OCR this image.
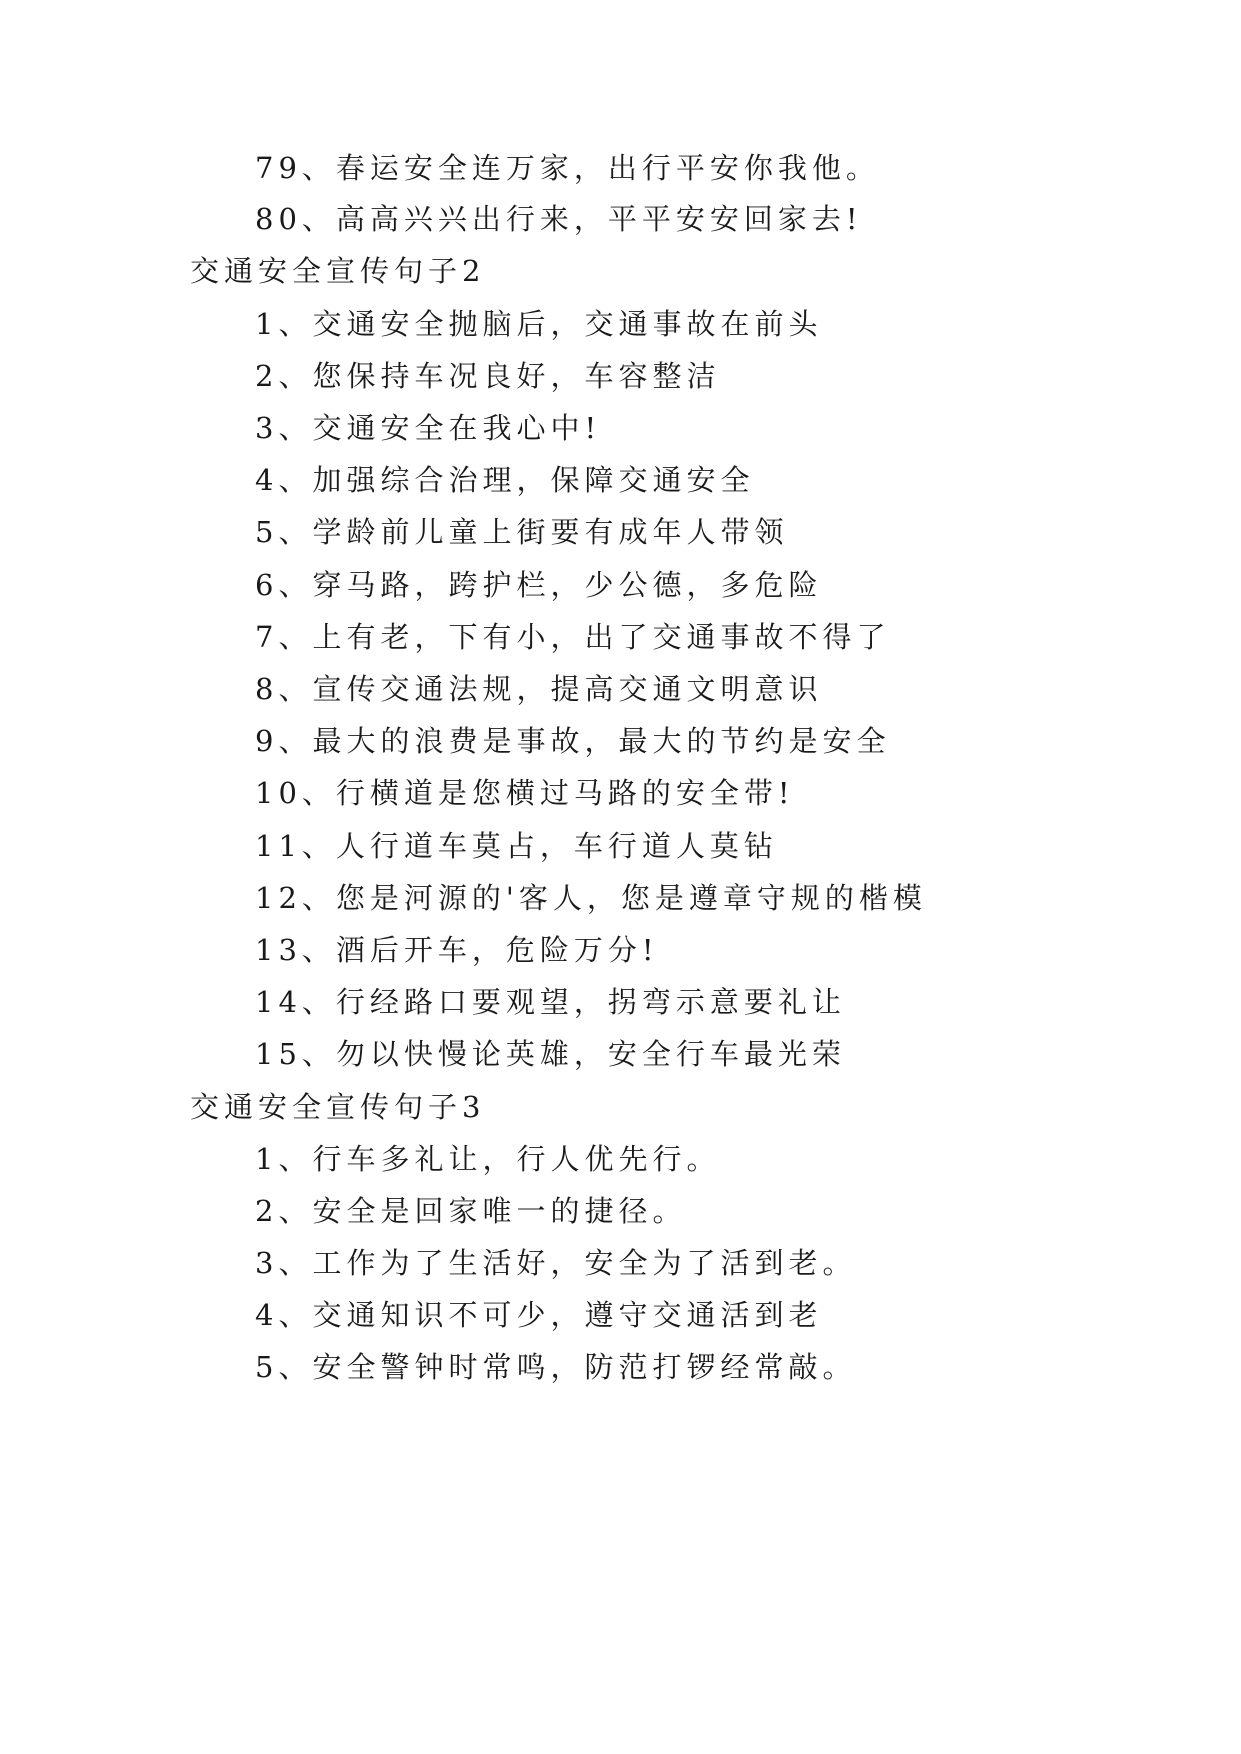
79、春运安全连万家，出行平安你我他。
80、高高兴兴出行来，平平安安回家去!
交通安全宣传句子2
1、交通安全抛脑后，交通事故在前头
2、您保持车况良好，车容整洁
3、交通安全在我心中!
4、加强综合治理，保障交通安全
5、学龄前儿童上街要有成年人带领
6、穿马路，跨护栏，少公德，多危险
7、上有老，下有小，出了交通事故不得了
8、宣传交通法规，提高交通文明意识
9、最大的浪费是事故，最大的节约是安全
10、行横道是您横过马路的安全带!
11、人行道车莫占，车行道人莫钻
12、您是河源的'客人，您是遵章守规的楷模
13、酒后开车，危险万分!
14、行经路口要观望，拐弯示意要礼让
15、勿以快慢论英雄，安全行车最光荣
交通安全宣传句子3
1、行车多礼让，行人优先行。
2、安全是回家唯一的捷径。
3、工作为了生活好，安全为了活到老。
4、交通知识不可少，遵守交通活到老
5、安全警钟时常鸣，防范打锣经常敲。
